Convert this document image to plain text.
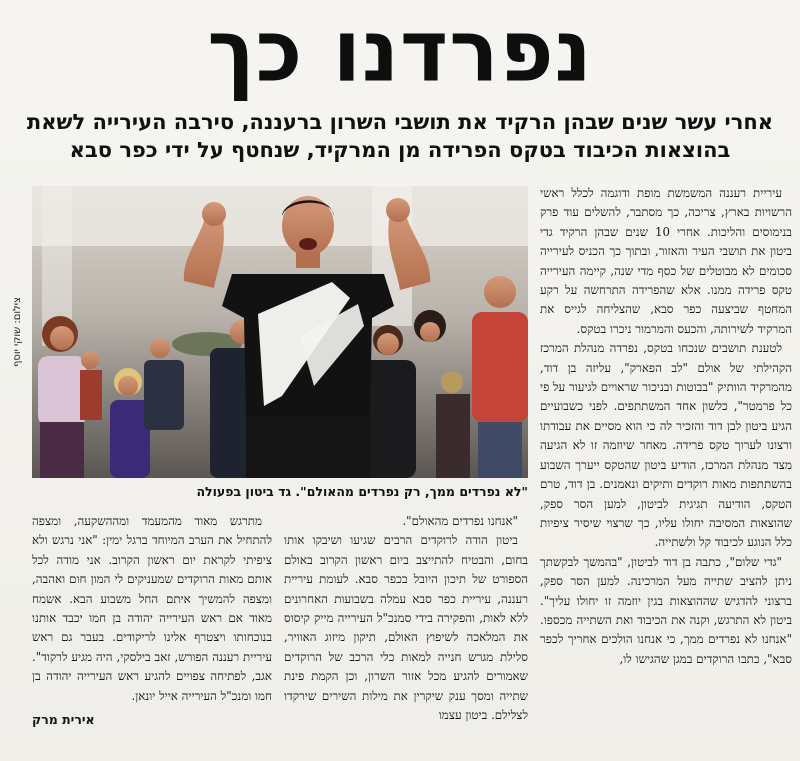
נפרדנו כך
אחרי עשר שנים שבהן הרקיד את תושבי השרון ברעננה, סירבה העירייה לשאת בהוצאות הכיבוד בטקס הפרידה מן המרקיד, שנחטף על ידי כפר סבא
צילום: שוקי יוסף
"לא נפרדים ממך, רק נפרדים מהאולם". גד ביטון בפעולה

עיריית רעננה המשמשת מופת ודוגמה לכלל ראשי הרשויות בארץ, צריכה, כך מסתבר, להשלים עוד פרק בנימוסים והליכות. אחרי 10 שנים שבהן הרקיד גדי ביטון את תושבי העיר והאזור, ובתוך כך הכניס לעירייה סכומים לא מבוטלים של כסף מדי שנה, קיימה העירייה טקס פרידה ממנו. אלא שהפרידה התרחשה על רקע המחטף שביצעה כפר סבא, שהצליחה לגייס את המרקיד לשירותה, והכעס והמרמור ניכרו בטקס.

לטענת תושבים שנכחו בטקס, נפרדה מנהלת המרכז הקהילתי של אולם "לב הפארק", עליזה בן דוד, מהמרקיד הוותיק "בבוטות ובניכור שראויים לגיעור על פי כל פרמטר", כלשון אחד המשתתפים. לפני כשבועיים הגיע ביטון לבן דוד והזכיר לה כי הוא מסיים את עבודתו ורצונו לערוך טקס פרידה. מאחר שיוזמה זו לא הגיעה מצד מנהלת המרכז, הודיע ביטון שהטקס ייערך השבוע בהשתתפות מאות רוקדים ותיקים ונאמנים. בן דוד, טרם הטקס, הודיעה תגיגית לביטון, למען הסר ספק, שהוצאות המסיבה יחולו עליו, כך שרצוי שיסיר ציפיות כלל הנוגע לכיבוד קל ולשתייה.

"גדי שלום", כתבה בן דוד לביטון, "בהמשך לבקשתך ניתן להציב שתייה מעל המרכינה. למען הסר ספק, ברצוני להדגיש שההוצאות בגין יוזמה זו יחולו עליך". ביטון לא התרגש, וקנה את הכיבוד ואת השתייה מכספו. "אנחנו לא נפרדים ממך, כי אנחנו הולכים אחריך לכפר סבא", כתבו הרוקדים במגן שהגישו לו,

"אנחנו נפרדים מהאולם".

ביטון הודה לרוקדים הרבים שגיעו ושיבקו אותו בחום, והבטיח להתייצב ביום ראשון הקרוב באולם הספורט של תיכון היובל בכפר סבא. לעומת עיריית רעננה, עיריית כפר סבא עמלה בשבועות האחרונים ללא לאות, והפקירה בידי סמנכ"ל העירייה מייק קיסוס את המלאכה לשיפוץ האולם, תיקון מיזוג האוויר, סלילת מגרש חנייה למאות כלי הרכב של הרוקדים שאמורים להגיע מכל אזור השרון, וכן הקמת פינת שתייה ומסך ענק שיקרין את מילות השירים שירקדו לצלילם. ביטון עצמו

מתרגש מאוד מהמעמד ומההשקעה, ומצפה להתחיל את הערב המיוחד ברגל ימין: "אני נרגש ולא ציפיתי לקראת יום ראשון הקרוב. אני מודה לכל אותם מאות הרוקדים שמעניקים לי המון חום ואהבה, ומצפה להמשיך איתם החל משבוע הבא. אשמח מאוד אם ראש העירייה יהודה בן חמו יכבד אותנו בנוכחותו ויצטרף אלינו לריקודים. בעבר גם ראש עיריית רעננה הפורש, זאב בילסקי, היה מגיע לרקוד". אגב, לפתיחה צפויים להגיע ראש העירייה יהודה בן חמו ומנכ"ל העירייה אייל יונאן.

אירית מרק
